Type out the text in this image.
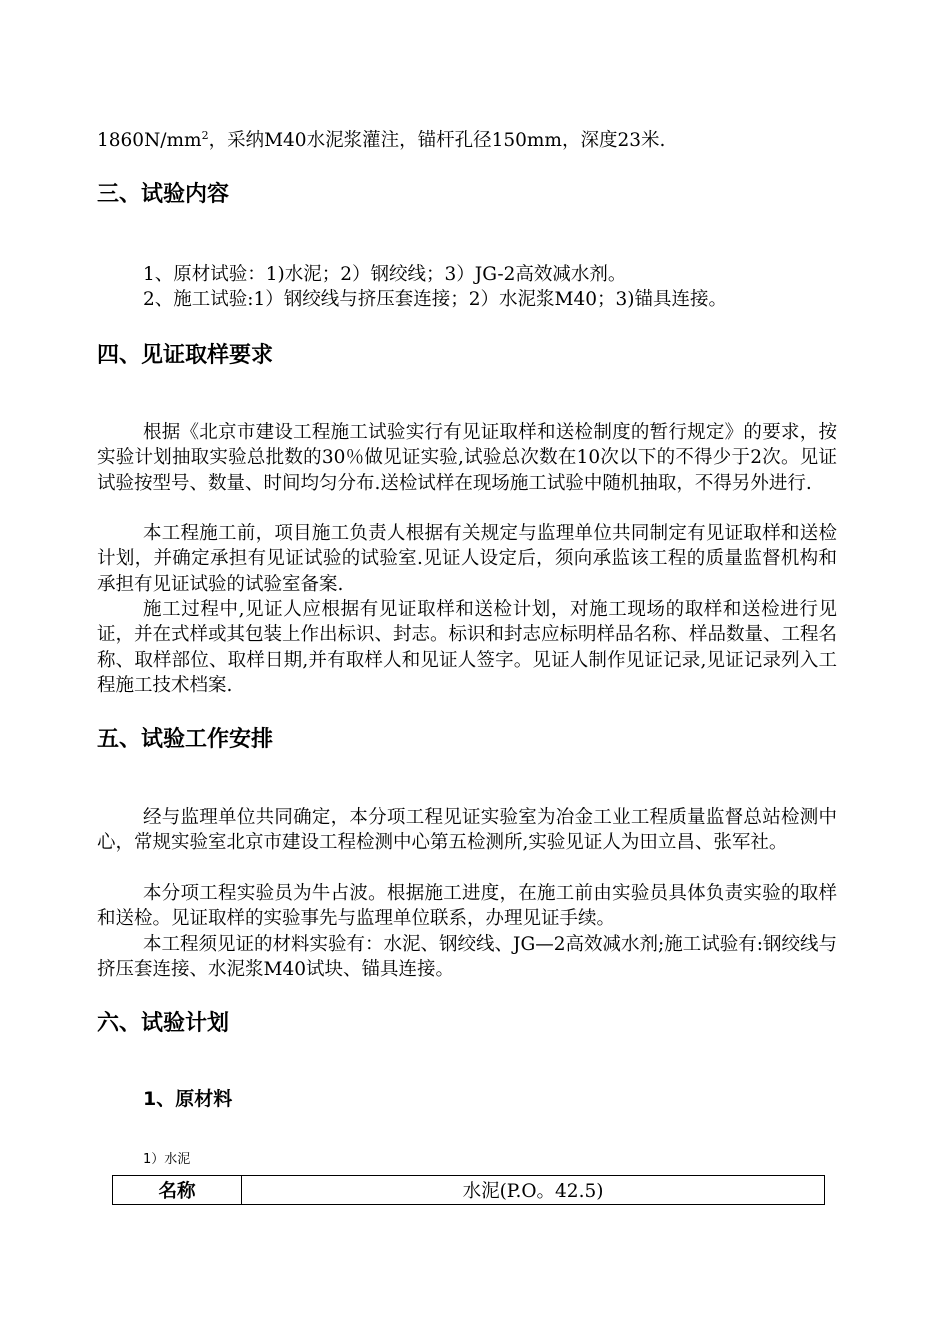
$1860N/mm^2$，采纳M40水泥浆灌注，锚杆孔径150mm，深度23米.
三、试验内容
1、原材试验：1)水泥；2）钢绞线；3）JG-2高效减水剂。
2、施工试验:1）钢绞线与挤压套连接；2）水泥浆M40；3)锚具连接。
四、见证取样要求

根据《北京市建设工程施工试验实行有见证取样和送检制度的暂行规定》的要求，按实验计划抽取实验总批数的30％做见证实验,试验总次数在10次以下的不得少于2次。见证试验按型号、数量、时间均匀分布.送检试样在现场施工试验中随机抽取，不得另外进行.

本工程施工前，项目施工负责人根据有关规定与监理单位共同制定有见证取样和送检计划，并确定承担有见证试验的试验室.见证人设定后，须向承监该工程的质量监督机构和承担有见证试验的试验室备案.

施工过程中,见证人应根据有见证取样和送检计划，对施工现场的取样和送检进行见证，并在式样或其包装上作出标识、封志。标识和封志应标明样品名称、样品数量、工程名称、取样部位、取样日期,并有取样人和见证人签字。见证人制作见证记录,见证记录列入工程施工技术档案.

五、试验工作安排

经与监理单位共同确定，本分项工程见证实验室为冶金工业工程质量监督总站检测中心，常规实验室北京市建设工程检测中心第五检测所,实验见证人为田立昌、张军社。

本分项工程实验员为牛占波。根据施工进度，在施工前由实验员具体负责实验的取样和送检。见证取样的实验事先与监理单位联系，办理见证手续。

本工程须见证的材料实验有：水泥、钢绞线、JG—2高效减水剂;施工试验有:钢绞线与挤压套连接、水泥浆M40试块、锚具连接。

六、试验计划
1、原材料
1）水泥
名称	水泥(P.O。42.5)
